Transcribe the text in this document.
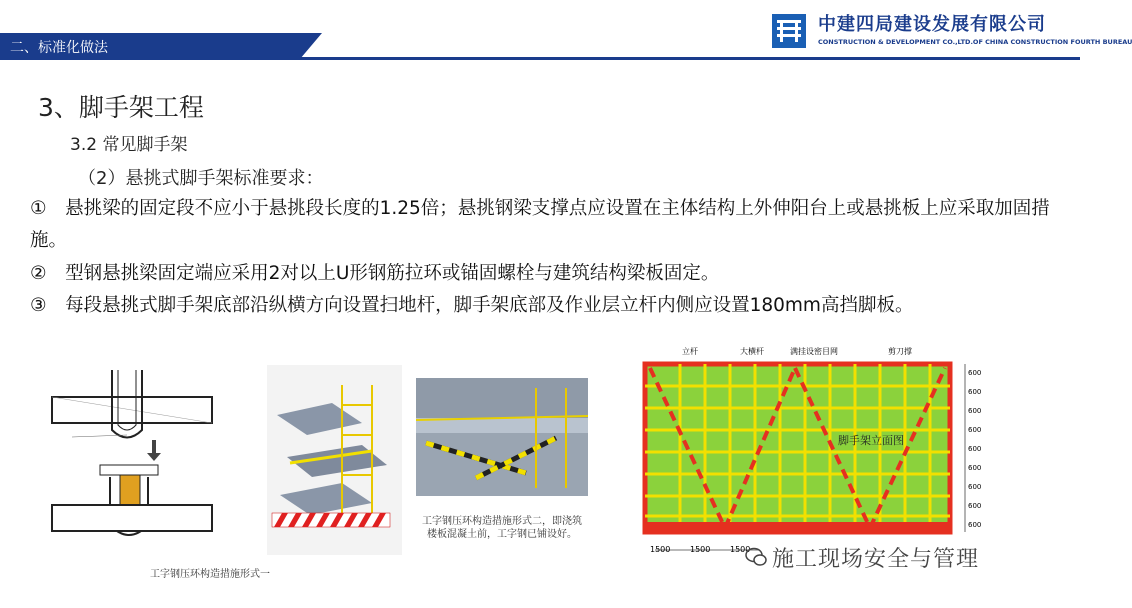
二、标准化做法
中建四局建设发展有限公司
CONSTRUCTION & DEVELOPMENT CO.,LTD.OF CHINA CONSTRUCTION FOURTH BUREAU
3、脚手架工程
3.2 常见脚手架
（2）悬挑式脚手架标准要求：
①　悬挑梁的固定段不应小于悬挑段长度的1.25倍；悬挑钢梁支撑点应设置在主体结构上外伸阳台上或悬挑板上应采取加固措施。
②　型钢悬挑梁固定端应采用2对以上U形钢筋拉环或锚固螺栓与建筑结构梁板固定。
③　每段悬挑式脚手架底部沿纵横方向设置扫地杆，脚手架底部及作业层立杆内侧应设置180mm高挡脚板。
工字钢压环构造措施形式一
工字钢压环构造措施形式二，即浇筑楼板混凝土前，工字钢已铺设好。
立杆	大横杆	满挂设密目网	剪刀撑
脚手架立面图
1500 1500 1500
600
600
600
600
600
600
600
600
600
施工现场安全与管理
